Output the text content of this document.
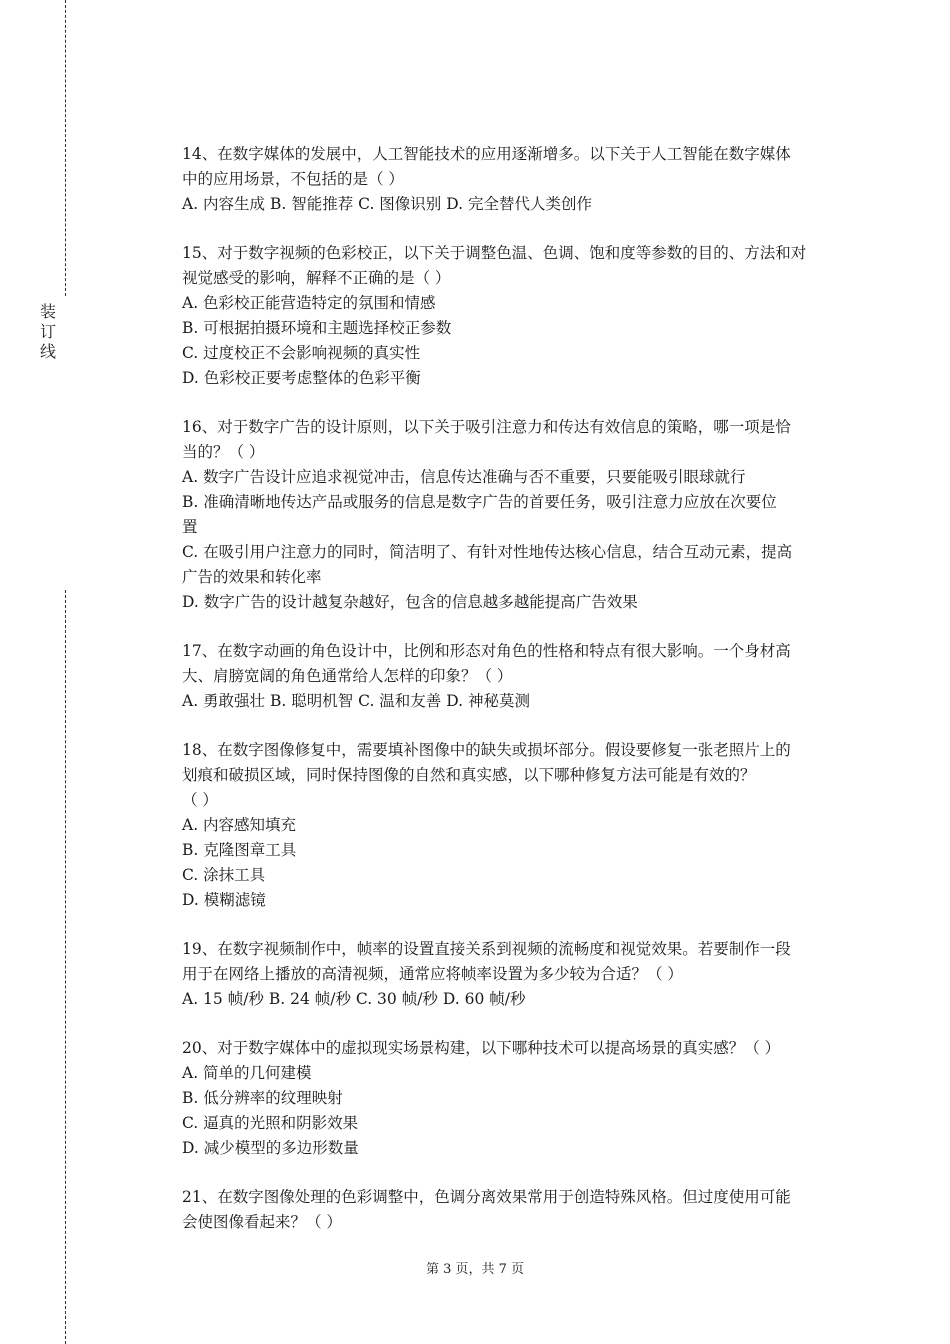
装
订
线

14、在数字媒体的发展中，人工智能技术的应用逐渐增多。以下关于人工智能在数字媒体

中的应用场景，不包括的是（ ）

A. 内容生成 B. 智能推荐 C. 图像识别 D. 完全替代人类创作

15、对于数字视频的色彩校正，以下关于调整色温、色调、饱和度等参数的目的、方法和对

视觉感受的影响，解释不正确的是（ ）

A. 色彩校正能营造特定的氛围和情感

B. 可根据拍摄环境和主题选择校正参数

C. 过度校正不会影响视频的真实性

D. 色彩校正要考虑整体的色彩平衡

16、对于数字广告的设计原则，以下关于吸引注意力和传达有效信息的策略，哪一项是恰

当的？（ ）

A. 数字广告设计应追求视觉冲击，信息传达准确与否不重要，只要能吸引眼球就行

B. 准确清晰地传达产品或服务的信息是数字广告的首要任务，吸引注意力应放在次要位

置

C. 在吸引用户注意力的同时，简洁明了、有针对性地传达核心信息，结合互动元素，提高

广告的效果和转化率

D. 数字广告的设计越复杂越好，包含的信息越多越能提高广告效果

17、在数字动画的角色设计中，比例和形态对角色的性格和特点有很大影响。一个身材高

大、肩膀宽阔的角色通常给人怎样的印象？（ ）

A. 勇敢强壮 B. 聪明机智 C. 温和友善 D. 神秘莫测

18、在数字图像修复中，需要填补图像中的缺失或损坏部分。假设要修复一张老照片上的

划痕和破损区域，同时保持图像的自然和真实感，以下哪种修复方法可能是有效的？

（ ）

A. 内容感知填充

B. 克隆图章工具

C. 涂抹工具

D. 模糊滤镜

19、在数字视频制作中，帧率的设置直接关系到视频的流畅度和视觉效果。若要制作一段

用于在网络上播放的高清视频，通常应将帧率设置为多少较为合适？（ ）

A. 15 帧/秒 B. 24 帧/秒 C. 30 帧/秒 D. 60 帧/秒

20、对于数字媒体中的虚拟现实场景构建，以下哪种技术可以提高场景的真实感？（ ）

A. 简单的几何建模

B. 低分辨率的纹理映射

C. 逼真的光照和阴影效果

D. 减少模型的多边形数量

21、在数字图像处理的色彩调整中，色调分离效果常用于创造特殊风格。但过度使用可能

会使图像看起来？（ ）

第 3 页，共 7 页
